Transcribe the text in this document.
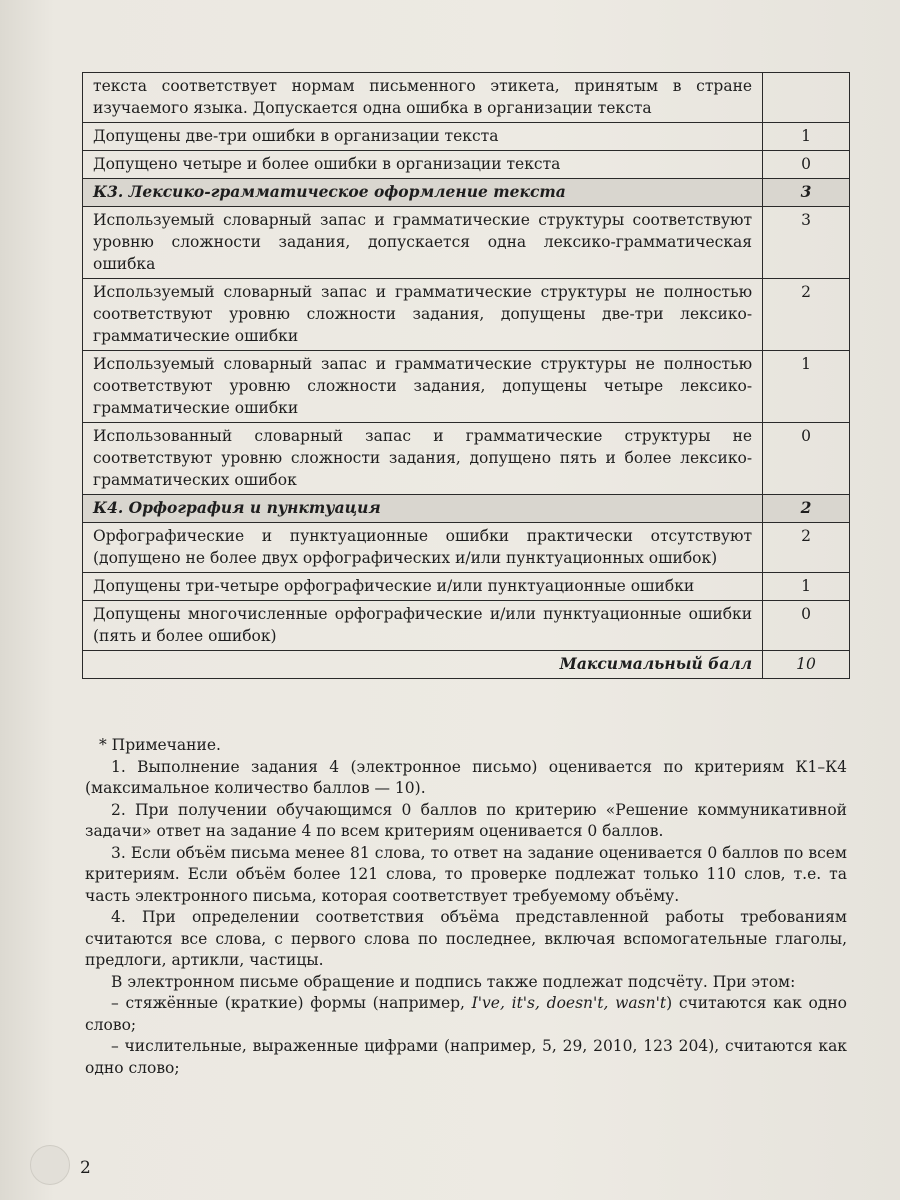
текста соответствует нормам письменного этикета, принятым в стране изучаемого языка. Допускается одна ошибка в организации текста	
Допущены две-три ошибки в организации текста	1
Допущено четыре и более ошибки в организации текста	0
К3. Лексико-грамматическое оформление текста	3
Используемый словарный запас и грамматические структуры соответствуют уровню сложности задания, допускается одна лексико-грамматическая ошибка	3
Используемый словарный запас и грамматические структуры не полностью соответствуют уровню сложности задания, допущены две-три лексико- грамматические ошибки	2
Используемый словарный запас и грамматические структуры не полностью соответствуют уровню сложности задания, допущены четыре лексико- грамматические ошибки	1
Использованный словарный запас и грамматические структуры не соответствуют уровню сложности задания, допущено пять и более лексико-грамматических ошибок	0
К4. Орфография и пунктуация	2
Орфографические и пунктуационные ошибки практически отсутствуют (допущено не более двух орфографических и/или пунктуационных ошибок)	2
Допущены три-четыре орфографические и/или пунктуационные ошибки	1
Допущены многочисленные орфографические и/или пунктуационные ошибки (пять и более ошибок)	0
Максимальный балл	10

* Примечание.

1. Выполнение задания 4 (электронное письмо) оценивается по критериям К1–К4 (максимальное количество баллов — 10).

2. При получении обучающимся 0 баллов по критерию «Решение коммуникативной задачи» ответ на задание 4 по всем критериям оценивается 0 баллов.

3. Если объём письма менее 81 слова, то ответ на задание оценивается 0 баллов по всем критериям. Если объём более 121 слова, то проверке подлежат только 110 слов, т.е. та часть электронного письма, которая соответствует требуемому объёму.

4. При определении соответствия объёма представленной работы требованиям считаются все слова, с первого слова по последнее, включая вспомогательные глаголы, предлоги, артикли, частицы.

В электронном письме обращение и подпись также подлежат подсчёту. При этом:

– стяжённые (краткие) формы (например, I've, it's, doesn't, wasn't) считаются как одно слово;

– числительные, выраженные цифрами (например, 5, 29, 2010, 123 204), считаются как одно слово;

2
